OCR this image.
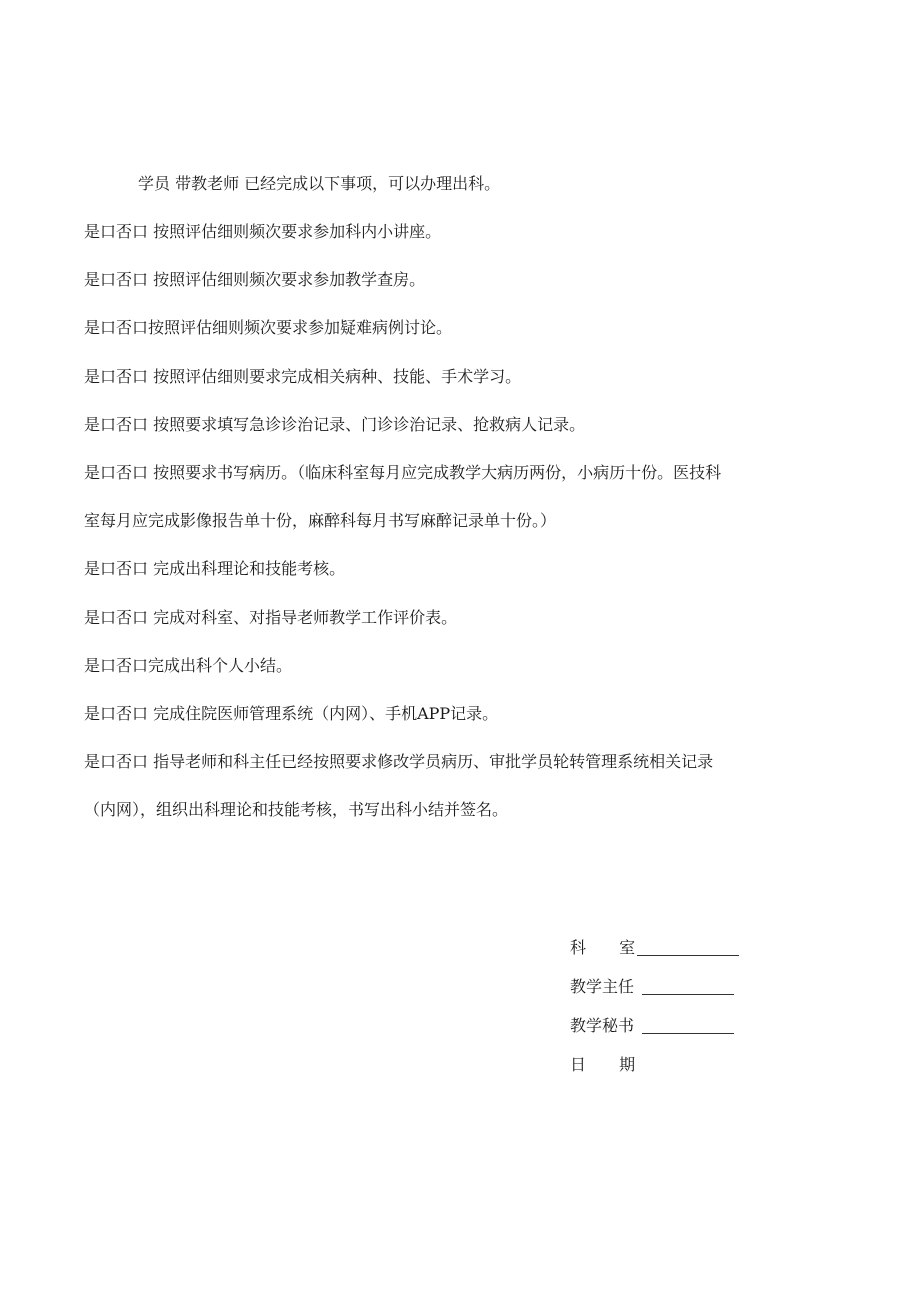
学员 带教老师 已经完成以下事项，可以办理出科。

是口否口 按照评估细则频次要求参加科内小讲座。

是口否口 按照评估细则频次要求参加教学查房。

是口否口按照评估细则频次要求参加疑难病例讨论。

是口否口 按照评估细则要求完成相关病种、技能、手术学习。

是口否口 按照要求填写急诊诊治记录、门诊诊治记录、抢救病人记录。

是口否口 按照要求书写病历。（临床科室每月应完成教学大病历两份，小病历十份。医技科

室每月应完成影像报告单十份，麻醉科每月书写麻醉记录单十份。）

是口否口 完成出科理论和技能考核。

是口否口 完成对科室、对指导老师教学工作评价表。

是口否口完成出科个人小结。

是口否口 完成住院医师管理系统（内网）、手机APP记录。

是口否口 指导老师和科主任已经按照要求修改学员病历、审批学员轮转管理系统相关记录

（内网），组织出科理论和技能考核，书写出科小结并签名。

科 室
教学主任
教学秘书
日 期
